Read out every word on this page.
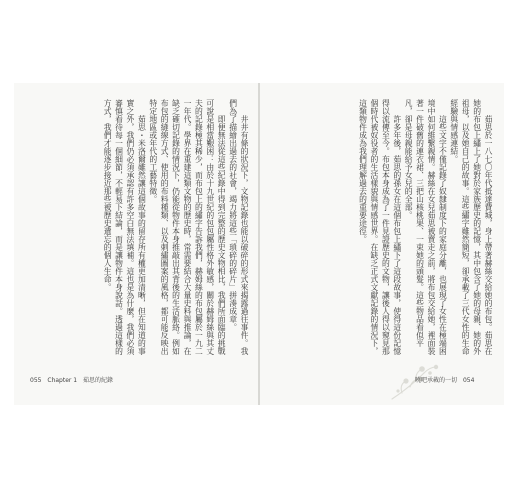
井井有條的狀況下，文物記錄也能以破碎的形式來揭露過往事件。我們為了描繪出過去的社會，竭力將這些「瑣碎的碎片」拼湊成章。

即便無法從這些紀錄中得到完整的歷史文物相比，我們所面臨的挑戰可說是相當艱困：由於十九世紀的包包屬性格外敏感，關於赫姆絲與其丈夫的記錄極其稀少，而布包上的繡字告訴我們，赫姆絲的布包屬於一九二一年代。學界在重建這類文物的歷史時，常需要結合大量史料與推論，在缺乏確切記錄的情況下，仍能從物件本身推敲出其背後的生活脈絡。例如布包的縫線方式、使用的布料種類、以及刺繡圖案的風格，都可能反映出特定地區或年代的工藝特徵。

茹思・米洛爾雖然讓這個故事的留存所有權更加清晰，但在知道的事實之外，我們仍必須承認有許多空白無法填補。這也是為什麼，我們必須審慎看待每一個細節，不輕易下結論，而是讓物件本身說話。透過這樣的方式，我們才能逐步接近那些被歷史遺忘的個人生命。

055 Chapter 1 茹思的紀錄

茹思於一八七〇年代抵達費城，身上帶著赫絲交給她的布包。茹思在她的布包上繡上了她對於家族歷史的記憶，其中包含了她的母親、她的外祖母，以及她自己的故事。這些繡字雖然簡短，卻承載了三代女性的生命經驗與情感連結。

這些文字不僅記錄了奴隸制度下的家庭分離，也展現了女性在極端困境中如何維繫親情。赫絲在女兒茹思被賣走之前，將布包交給她，裡面裝著一件破舊的連衣裙、三把山核桃果、一束她的頭髮。這些物品看似平凡，卻是母親能給予女兒的全部。

許多年後，茹思的孫女在這個布包上繡下了這段故事，使得這份記憶得以流傳至今。布包本身成為了一件見證歷史的文物，讓後人得以窺見那個時代被奴役者的生活樣貌與情感世界。在缺乏正式文獻記錄的情況下，這類物件成為我們理解過去的重要途徑。

曉吧承載的一切 054
